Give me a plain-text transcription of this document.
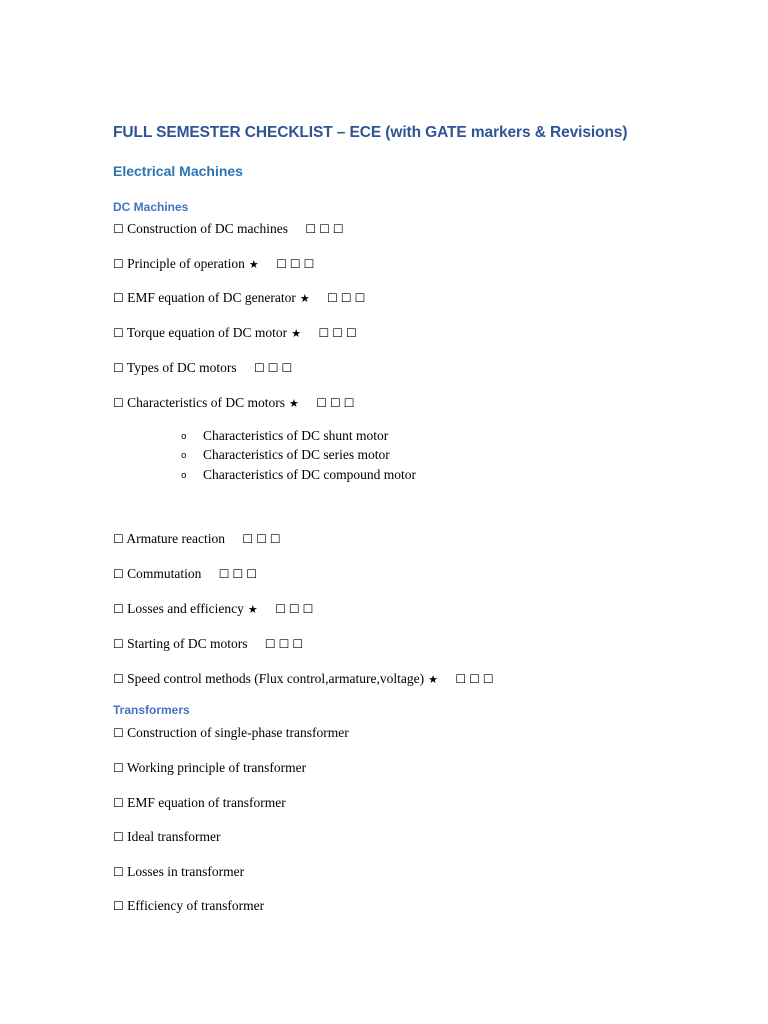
FULL SEMESTER CHECKLIST – ECE (with GATE markers & Revisions)
Electrical Machines
DC Machines
☐ Construction of DC machines ☐☐☐
☐ Principle of operation ★ ☐☐☐
☐ EMF equation of DC generator ★ ☐☐☐
☐ Torque equation of DC motor ★ ☐☐☐
☐ Types of DC motors ☐☐☐
☐ Characteristics of DC motors ★ ☐☐☐
o Characteristics of DC shunt motor
o Characteristics of DC series motor
o Characteristics of DC compound motor
☐ Armature reaction ☐☐☐
☐ Commutation ☐☐☐
☐ Losses and efficiency ★ ☐☐☐
☐ Starting of DC motors ☐☐☐
☐ Speed control methods (Flux control,armature,voltage) ★ ☐☐☐
Transformers
☐ Construction of single-phase transformer
☐ Working principle of transformer
☐ EMF equation of transformer
☐ Ideal transformer
☐ Losses in transformer
☐ Efficiency of transformer
